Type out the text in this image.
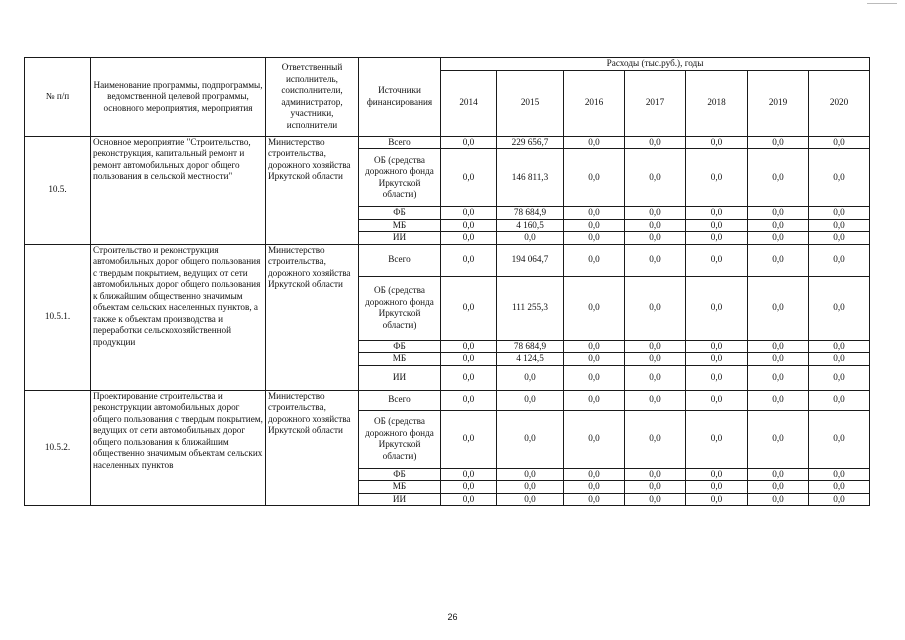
№ п/п	Наименование программы, подпрограммы, ведомственной целевой программы, основного мероприятия, мероприятия	Ответственный исполнитель, соисполнители, администратор, участники, исполнители	Источники финансирования	Расходы (тыс.руб.), годы						
				2014	2015	2016	2017	2018	2019	2020
10.5.	Основное мероприятие "Строительство, реконструкция, капитальный ремонт и ремонт автомобильных дорог общего пользования в сельской местности"	Министерство строительства, дорожного хозяйства Иркутской области	Всего	0,0	229 656,7	0,0	0,0	0,0	0,0	0,0
			ОБ (средства дорожного фонда Иркутской области)	0,0	146 811,3	0,0	0,0	0,0	0,0	0,0
			ФБ	0,0	78 684,9	0,0	0,0	0,0	0,0	0,0
			МБ	0,0	4 160,5	0,0	0,0	0,0	0,0	0,0
			ИИ	0,0	0,0	0,0	0,0	0,0	0,0	0,0
10.5.1.	Строительство и реконструкция автомобильных дорог общего пользования с твердым покрытием, ведущих от сети автомобильных дорог общего пользования к ближайшим общественно значимым объектам сельских населенных пунктов, а также к объектам производства и переработки сельскохозяйственной продукции	Министерство строительства, дорожного хозяйства Иркутской области	Всего	0,0	194 064,7	0,0	0,0	0,0	0,0	0,0
			ОБ (средства дорожного фонда Иркутской области)	0,0	111 255,3	0,0	0,0	0,0	0,0	0,0
			ФБ	0,0	78 684,9	0,0	0,0	0,0	0,0	0,0
			МБ	0,0	4 124,5	0,0	0,0	0,0	0,0	0,0
			ИИ	0,0	0,0	0,0	0,0	0,0	0,0	0,0
10.5.2.	Проектирование строительства и реконструкции автомобильных дорог общего пользования с твердым покрытием, ведущих от сети автомобильных дорог общего пользования к ближайшим общественно значимым объектам сельских населенных пунктов	Министерство строительства, дорожного хозяйства Иркутской области	Всего	0,0	0,0	0,0	0,0	0,0	0,0	0,0
			ОБ (средства дорожного фонда Иркутской области)	0,0	0,0	0,0	0,0	0,0	0,0	0,0
			ФБ	0,0	0,0	0,0	0,0	0,0	0,0	0,0
			МБ	0,0	0,0	0,0	0,0	0,0	0,0	0,0
			ИИ	0,0	0,0	0,0	0,0	0,0	0,0	0,0
26
